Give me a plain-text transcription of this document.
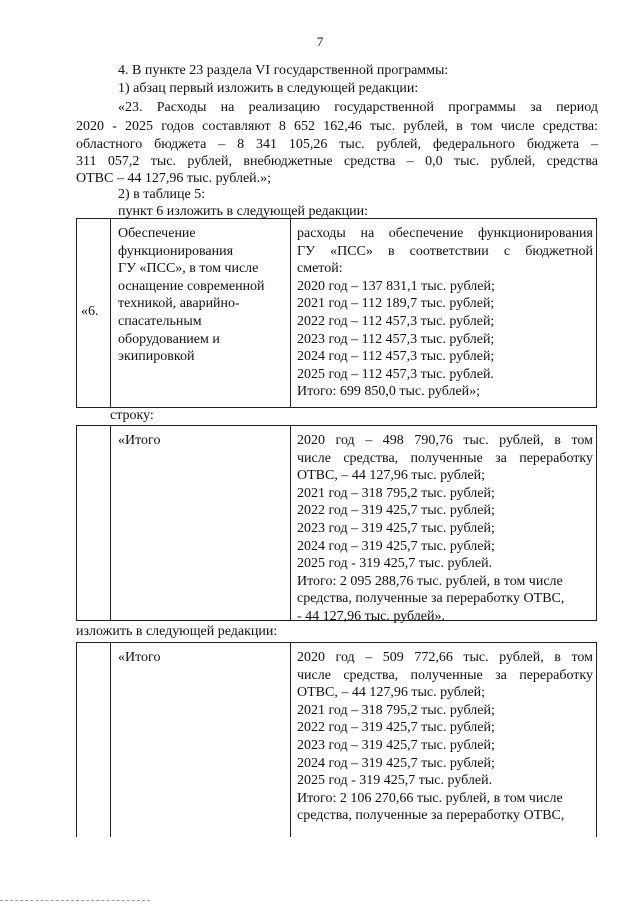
7
4. В пункте 23 раздела VI государственной программы:
1) абзац первый изложить в следующей редакции:
«23. Расходы на реализацию государственной программы за период
2020 - 2025 годов составляют 8 652 162,46 тыс. рублей, в том числе средства:
областного бюджета – 8 341 105,26 тыс. рублей, федерального бюджета –
311 057,2 тыс. рублей, внебюджетные средства – 0,0 тыс. рублей, средства
ОТВС – 44 127,96 тыс. рублей.»;
2) в таблице 5:
пункт 6 изложить в следующей редакции:
«6.
Обеспечение
функционирования
ГУ «ПСС», в том числе
оснащение современной
техникой, аварийно-
спасательным
оборудованием и
экипировкой
расходы на обеспечение функционирования
ГУ «ПСС» в соответствии с бюджетной
сметой:
2020 год – 137 831,1 тыс. рублей;
2021 год – 112 189,7 тыс. рублей;
2022 год – 112 457,3 тыс. рублей;
2023 год – 112 457,3 тыс. рублей;
2024 год – 112 457,3 тыс. рублей;
2025 год – 112 457,3 тыс. рублей.
Итого: 699 850,0 тыс. рублей»;
строку:
«Итого	2020 год – 498 790,76 тыс. рублей, в том
числе средства, полученные за переработку
ОТВС, – 44 127,96 тыс. рублей;
2021 год – 318 795,2 тыс. рублей;
2022 год – 319 425,7 тыс. рублей;
2023 год – 319 425,7 тыс. рублей;
2024 год – 319 425,7 тыс. рублей;
2025 год - 319 425,7 тыс. рублей.
Итого: 2 095 288,76 тыс. рублей, в том числе
средства, полученные за переработку ОТВС,
- 44 127,96 тыс. рублей».
изложить в следующей редакции:
«Итого	2020 год – 509 772,66 тыс. рублей, в том
числе средства, полученные за переработку
ОТВС, – 44 127,96 тыс. рублей;
2021 год – 318 795,2 тыс. рублей;
2022 год – 319 425,7 тыс. рублей;
2023 год – 319 425,7 тыс. рублей;
2024 год – 319 425,7 тыс. рублей;
2025 год - 319 425,7 тыс. рублей.
Итого: 2 106 270,66 тыс. рублей, в том числе
средства, полученные за переработку ОТВС,
